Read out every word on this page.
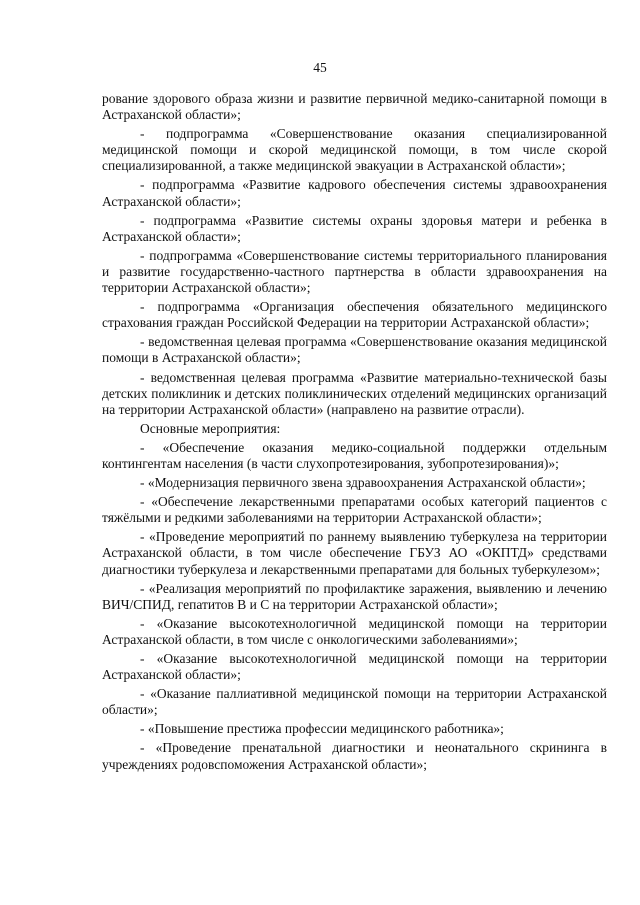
45

рование здорового образа жизни и развитие первичной медико-санитарной помощи в Астраханской области»;

- подпрограмма «Совершенствование оказания специализированной медицинской помощи и скорой медицинской помощи, в том числе скорой специализированной, а также медицинской эвакуации в Астраханской области»;

- подпрограмма «Развитие кадрового обеспечения системы здравоохранения Астраханской области»;

- подпрограмма «Развитие системы охраны здоровья матери и ребенка в Астраханской области»;

- подпрограмма «Совершенствование системы территориального планирования и развитие государственно-частного партнерства в области здравоохранения на территории Астраханской области»;

- подпрограмма «Организация обеспечения обязательного медицинского страхования граждан Российской Федерации на территории Астраханской области»;

- ведомственная целевая программа «Совершенствование оказания медицинской помощи в Астраханской области»;

- ведомственная целевая программа «Развитие материально-технической базы детских поликлиник и детских поликлинических отделений медицинских организаций на территории Астраханской области» (направлено на развитие отрасли).

Основные мероприятия:

- «Обеспечение оказания медико-социальной поддержки отдельным контингентам населения (в части слухопротезирования, зубопротезирования)»;

- «Модернизация первичного звена здравоохранения Астраханской области»;

- «Обеспечение лекарственными препаратами особых категорий пациентов с тяжёлыми и редкими заболеваниями на территории Астраханской области»;

- «Проведение мероприятий по раннему выявлению туберкулеза на территории Астраханской области, в том числе обеспечение ГБУЗ АО «ОКПТД» средствами диагностики туберкулеза и лекарственными препаратами для больных туберкулезом»;

- «Реализация мероприятий по профилактике заражения, выявлению и лечению ВИЧ/СПИД, гепатитов В и С на территории Астраханской области»;

- «Оказание высокотехнологичной медицинской помощи на территории Астраханской области, в том числе с онкологическими заболеваниями»;

- «Оказание высокотехнологичной медицинской помощи на территории Астраханской области»;

- «Оказание паллиативной медицинской помощи на территории Астраханской области»;

- «Повышение престижа профессии медицинского работника»;

- «Проведение пренатальной диагностики и неонатального скрининга в учреждениях родовспоможения Астраханской области»;
